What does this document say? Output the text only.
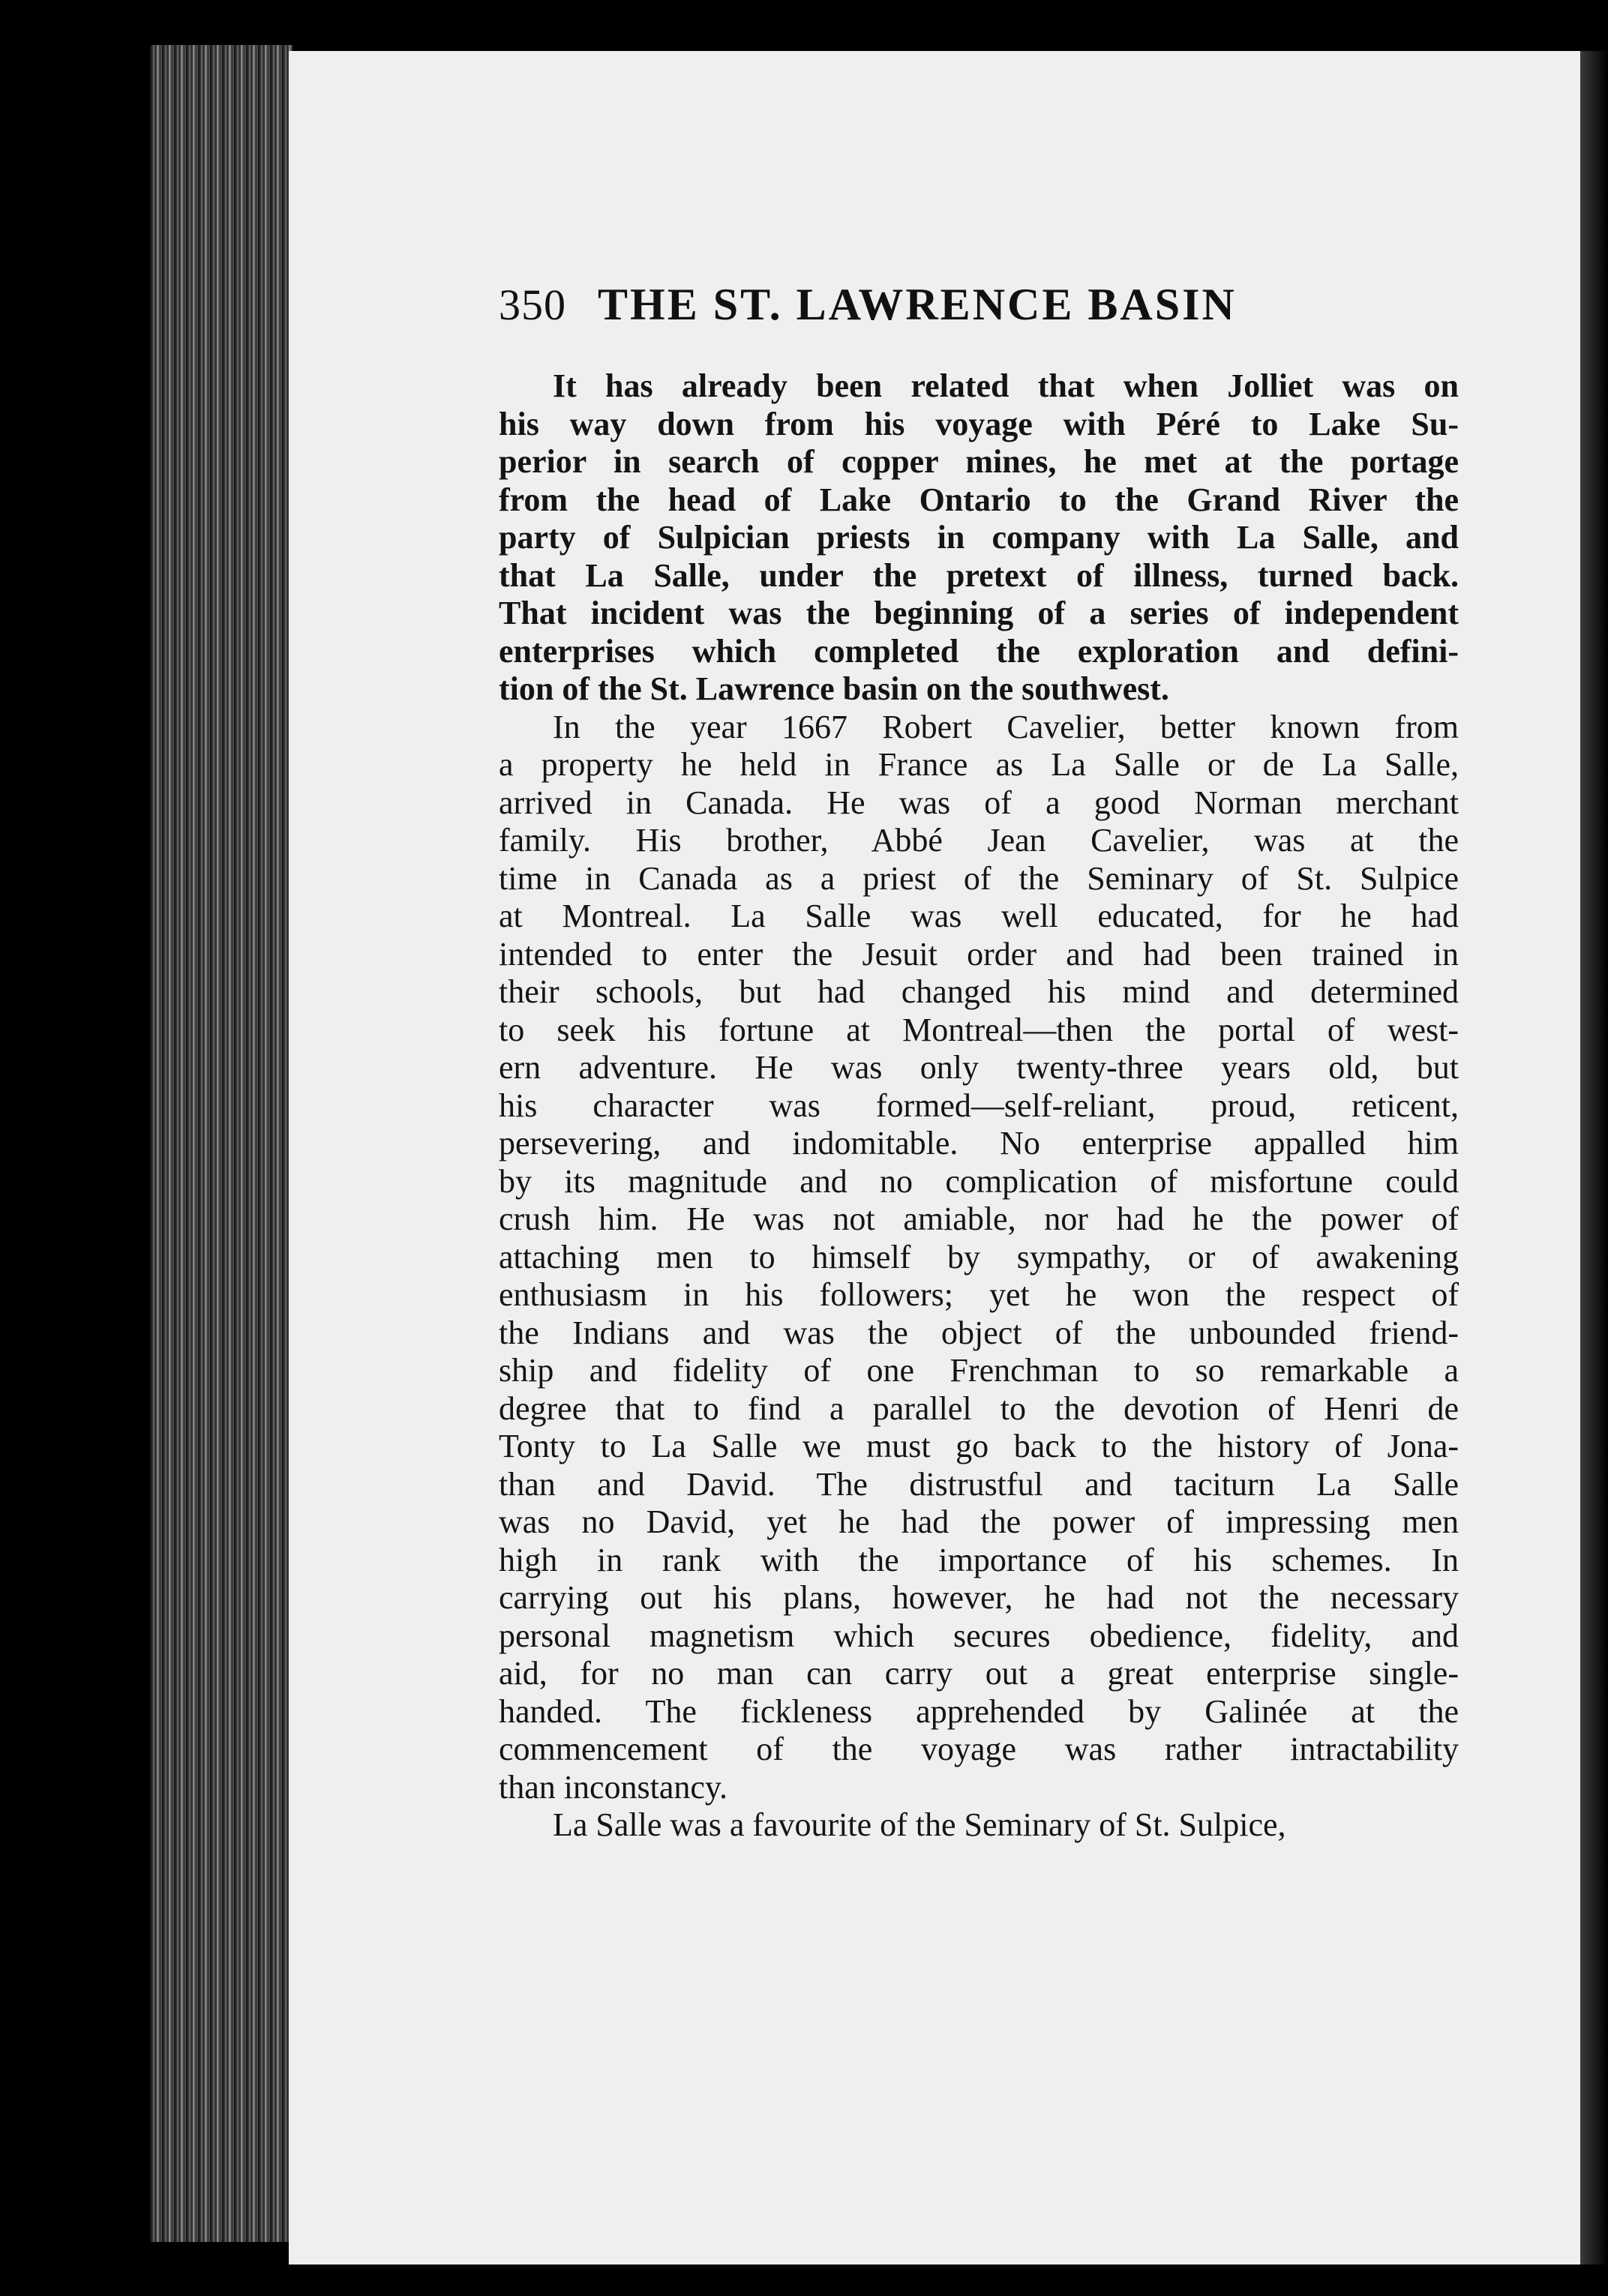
350 THE ST. LAWRENCE BASIN
It has already been related that when Jolliet was on
his way down from his voyage with Péré to Lake Su-
perior in search of copper mines, he met at the portage
from the head of Lake Ontario to the Grand River the
party of Sulpician priests in company with La Salle, and
that La Salle, under the pretext of illness, turned back.
That incident was the beginning of a series of independent
enterprises which completed the exploration and defini-
tion of the St. Lawrence basin on the southwest.
In the year 1667 Robert Cavelier, better known from
a property he held in France as La Salle or de La Salle,
arrived in Canada. He was of a good Norman merchant
family. His brother, Abbé Jean Cavelier, was at the
time in Canada as a priest of the Seminary of St. Sulpice
at Montreal. La Salle was well educated, for he had
intended to enter the Jesuit order and had been trained in
their schools, but had changed his mind and determined
to seek his fortune at Montreal—then the portal of west-
ern adventure. He was only twenty-three years old, but
his character was formed—self-reliant, proud, reticent,
persevering, and indomitable. No enterprise appalled him
by its magnitude and no complication of misfortune could
crush him. He was not amiable, nor had he the power of
attaching men to himself by sympathy, or of awakening
enthusiasm in his followers; yet he won the respect of
the Indians and was the object of the unbounded friend-
ship and fidelity of one Frenchman to so remarkable a
degree that to find a parallel to the devotion of Henri de
Tonty to La Salle we must go back to the history of Jona-
than and David. The distrustful and taciturn La Salle
was no David, yet he had the power of impressing men
high in rank with the importance of his schemes. In
carrying out his plans, however, he had not the necessary
personal magnetism which secures obedience, fidelity, and
aid, for no man can carry out a great enterprise single-
handed. The fickleness apprehended by Galinée at the
commencement of the voyage was rather intractability
than inconstancy.
La Salle was a favourite of the Seminary of St. Sulpice,
